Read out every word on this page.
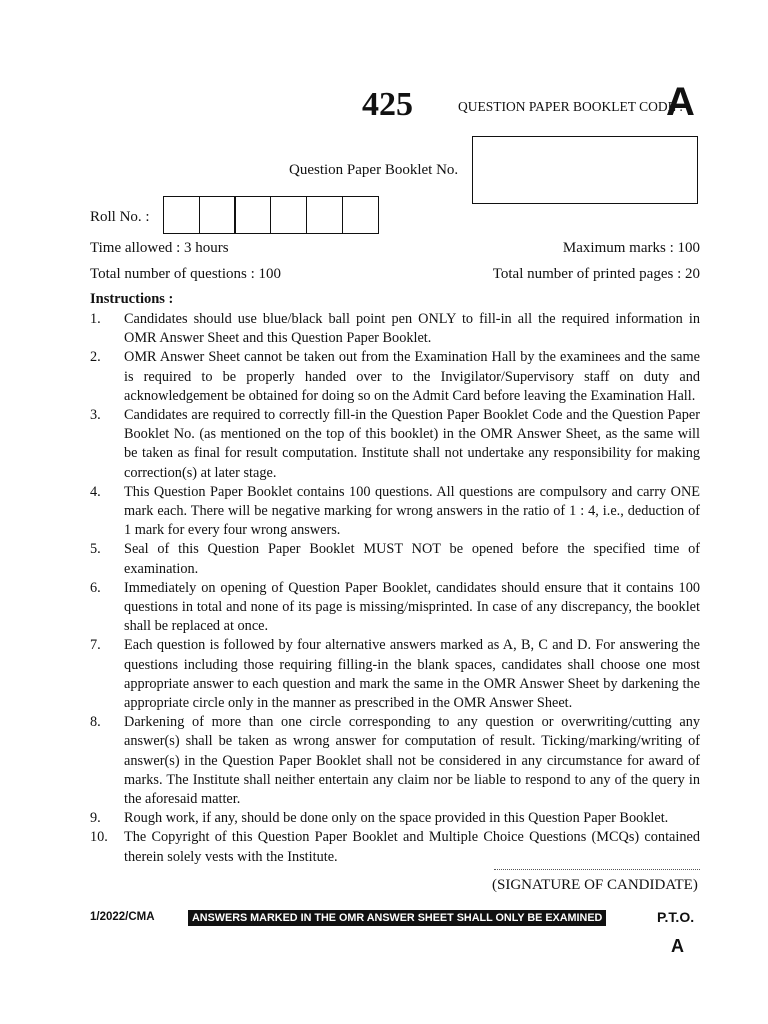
425	QUESTION PAPER BOOKLET CODE :
A
Question Paper Booklet No.
Roll No. :
Time allowed : 3 hours	Maximum marks : 100
Total number of questions : 100	Total number of printed pages : 20
Instructions :
1.	Candidates should use blue/black ball point pen ONLY to fill-in all the required information in OMR Answer Sheet and this Question Paper Booklet.
2.	OMR Answer Sheet cannot be taken out from the Examination Hall by the examinees and the same is required to be properly handed over to the Invigilator/Supervisory staff on duty and acknowledgement be obtained for doing so on the Admit Card before leaving the Examination Hall.
3.	Candidates are required to correctly fill-in the Question Paper Booklet Code and the Question Paper Booklet No. (as mentioned on the top of this booklet) in the OMR Answer Sheet, as the same will be taken as final for result computation. Institute shall not undertake any responsibility for making correction(s) at later stage.
4.	This Question Paper Booklet contains 100 questions. All questions are compulsory and carry ONE mark each. There will be negative marking for wrong answers in the ratio of 1 : 4, i.e., deduction of 1 mark for every four wrong answers.
5.	Seal of this Question Paper Booklet MUST NOT be opened before the specified time of examination.
6.	Immediately on opening of Question Paper Booklet, candidates should ensure that it contains 100 questions in total and none of its page is missing/misprinted. In case of any discrepancy, the booklet shall be replaced at once.
7.	Each question is followed by four alternative answers marked as A, B, C and D. For answering the questions including those requiring filling-in the blank spaces, candidates shall choose one most appropriate answer to each question and mark the same in the OMR Answer Sheet by darkening the appropriate circle only in the manner as prescribed in the OMR Answer Sheet.
8.	Darkening of more than one circle corresponding to any question or overwriting/cutting any answer(s) shall be taken as wrong answer for computation of result. Ticking/marking/writing of answer(s) in the Question Paper Booklet shall not be considered in any circumstance for award of marks. The Institute shall neither entertain any claim nor be liable to respond to any of the query in the aforesaid matter.
9.	Rough work, if any, should be done only on the space provided in this Question Paper Booklet.
10.	The Copyright of this Question Paper Booklet and Multiple Choice Questions (MCQs) contained therein solely vests with the Institute.
(SIGNATURE OF CANDIDATE)
1/2022/CMA	ANSWERS MARKED IN THE OMR ANSWER SHEET SHALL ONLY BE EXAMINED	P.T.O.
A
